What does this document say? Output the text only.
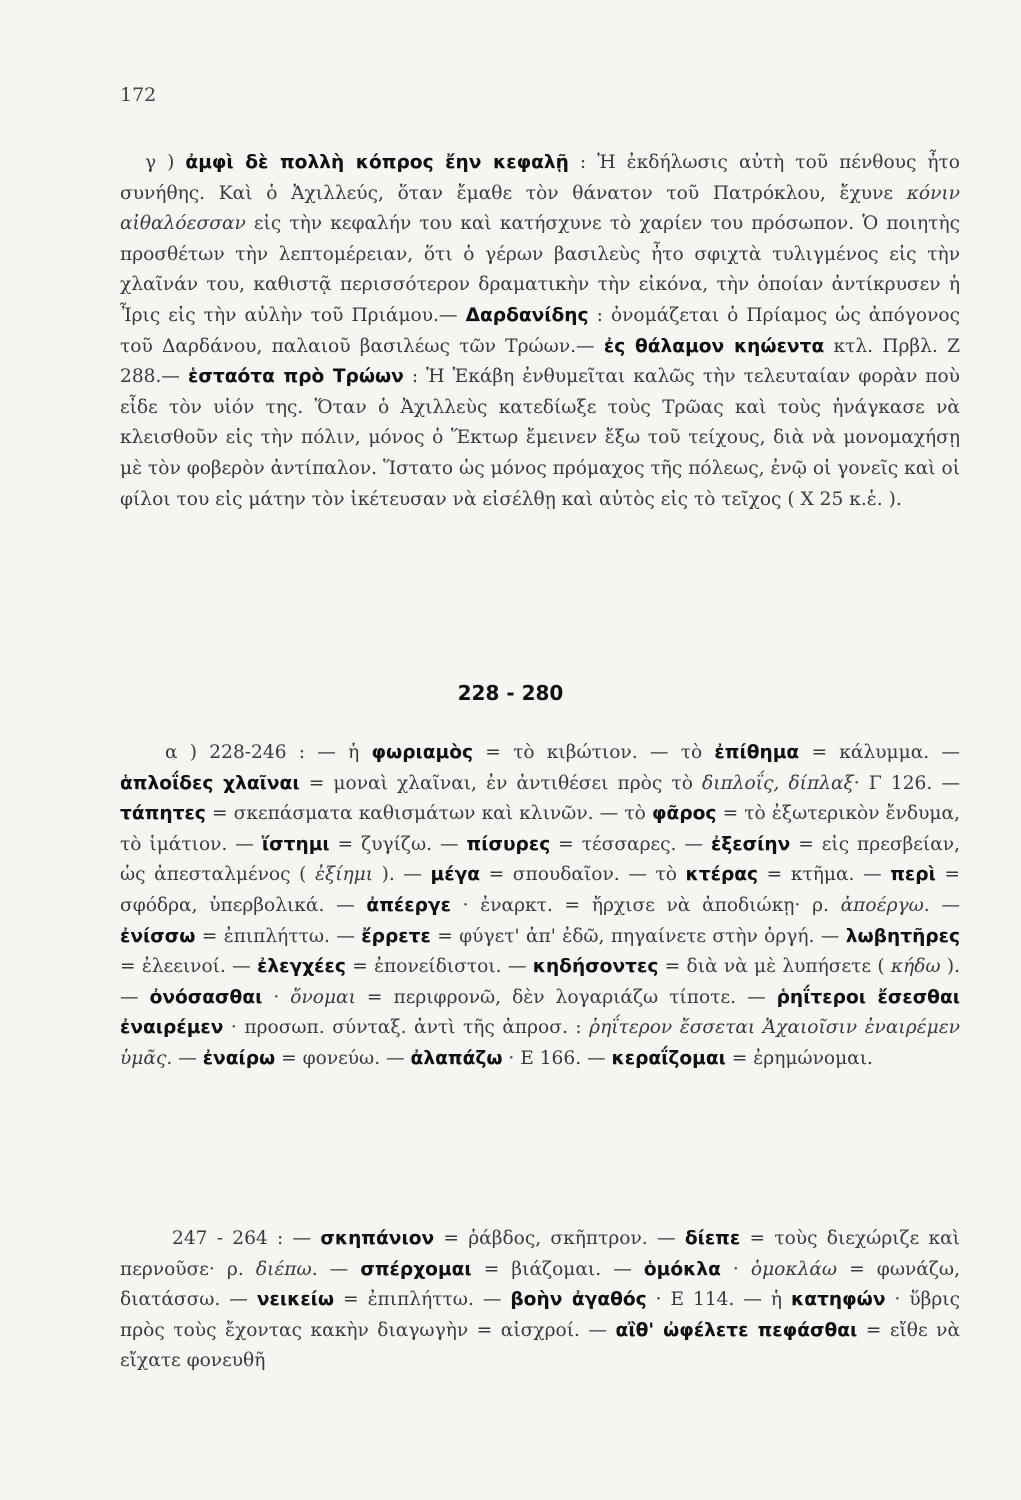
172
γ ) ἀμφὶ δὲ πολλὴ κόπρος ἔην κεφαλῇ : Ἡ ἐκδήλωσις αὐτὴ τοῦ πένθους ἦτο συνήθης. Καὶ ὁ Ἀχιλλεύς, ὅταν ἔμαθε τὸν θάνατον τοῦ Πατρόκλου, ἔχυνε κόνιν αἰθαλόεσσαν εἰς τὴν κεφαλήν του καὶ κατήσχυνε τὸ χαρίεν του πρόσωπον. Ὁ ποιητὴς προσθέτων τὴν λεπτομέρειαν, ὅτι ὁ γέρων βασιλεὺς ἦτο σφιχτὰ τυλιγμένος εἰς τὴν χλαῖνάν του, καθιστᾷ περισσότερον δραματικὴν τὴν εἰκόνα, τὴν ὁποίαν ἀντίκρυσεν ἡ Ἶρις εἰς τὴν αὐλὴν τοῦ Πριάμου.— Δαρδανίδης : ὀνομάζεται ὁ Πρίαμος ὡς ἀπόγονος τοῦ Δαρδάνου, παλαιοῦ βασιλέως τῶν Τρώων.— ἐς θάλαμον κηώεντα κτλ. Πρβλ. Ζ 288.— ἑσταότα πρὸ Τρώων : Ἡ Ἑκάβη ἐνθυμεῖται καλῶς τὴν τελευταίαν φορὰν ποὺ εἶδε τὸν υἱόν της. Ὅταν ὁ Ἀχιλλεὺς κατεδίωξε τοὺς Τρῶας καὶ τοὺς ἠνάγκασε νὰ κλεισθοῦν εἰς τὴν πόλιν, μόνος ὁ Ἕκτωρ ἔμεινεν ἔξω τοῦ τείχους, διὰ νὰ μονομαχήσῃ μὲ τὸν φοβερὸν ἀντίπαλον. Ἵστατο ὡς μόνος πρόμαχος τῆς πόλεως, ἐνῷ οἱ γονεῖς καὶ οἱ φίλοι του εἰς μάτην τὸν ἱκέτευσαν νὰ εἰσέλθῃ καὶ αὐτὸς εἰς τὸ τεῖχος ( Χ 25 κ.ἑ. ).
228 - 280
α ) 228-246 : — ἡ φωριαμὸς = τὸ κιβώτιον. — τὸ ἐπίθημα = κάλυμμα. — ἁπλοΐδες χλαῖναι = μοναὶ χλαῖναι, ἐν ἀντιθέσει πρὸς τὸ διπλοΐς, δίπλαξ· Γ 126. — τάπητες = σκεπάσματα καθισμάτων καὶ κλινῶν. — τὸ φᾶρος = τὸ ἐξωτερικὸν ἔνδυμα, τὸ ἱμάτιον. — ἵστημι = ζυγίζω. — πίσυρες = τέσσαρες. — ἐξεσίην = εἰς πρεσβείαν, ὡς ἀπεσταλμένος ( ἐξίημι ). — μέγα = σπουδαῖον. — τὸ κτέρας = κτῆμα. — περὶ = σφόδρα, ὑπερβολικά. — ἀπέεργε · ἐναρκτ. = ἤρχισε νὰ ἀποδιώκῃ· ρ. ἀποέργω. — ἐνίσσω = ἐπιπλήττω. — ἔρρετε = φύγετ' ἀπ' ἐδῶ, πηγαίνετε στὴν ὀργή. — λωβητῆρες = ἐλεεινοί. — ἐλεγχέες = ἐπονείδιστοι. — κηδήσοντες = διὰ νὰ μὲ λυπήσετε ( κήδω ). — ὀνόσασθαι · ὄνομαι = περιφρονῶ, δὲν λογαριάζω τίποτε. — ῥηΐτεροι ἔσεσθαι ἐναιρέμεν · προσωπ. σύνταξ. ἀντὶ τῆς ἀπροσ. : ῥηΐτερον ἔσσεται Ἀχαιοῖσιν ἐναιρέμεν ὑμᾶς. — ἐναίρω = φονεύω. — ἀλαπάζω · Ε 166. — κεραΐζομαι = ἐρημώνομαι.
247 - 264 : — σκηπάνιον = ῥάβδος, σκῆπτρον. — δίεπε = τοὺς διεχώριζε καὶ περνοῦσε· ρ. διέπω. — σπέρχομαι = βιάζομαι. — ὁμόκλα · ὁμοκλάω = φωνάζω, διατάσσω. — νεικείω = ἐπιπλήττω. — βοὴν ἀγαθός · Ε 114. — ἡ κατηφών · ὕβρις πρὸς τοὺς ἔχοντας κακὴν διαγωγὴν = αἰσχροί. — αἲθ' ὠφέλετε πεφάσθαι = εἴθε νὰ εἴχατε φονευθῆ
